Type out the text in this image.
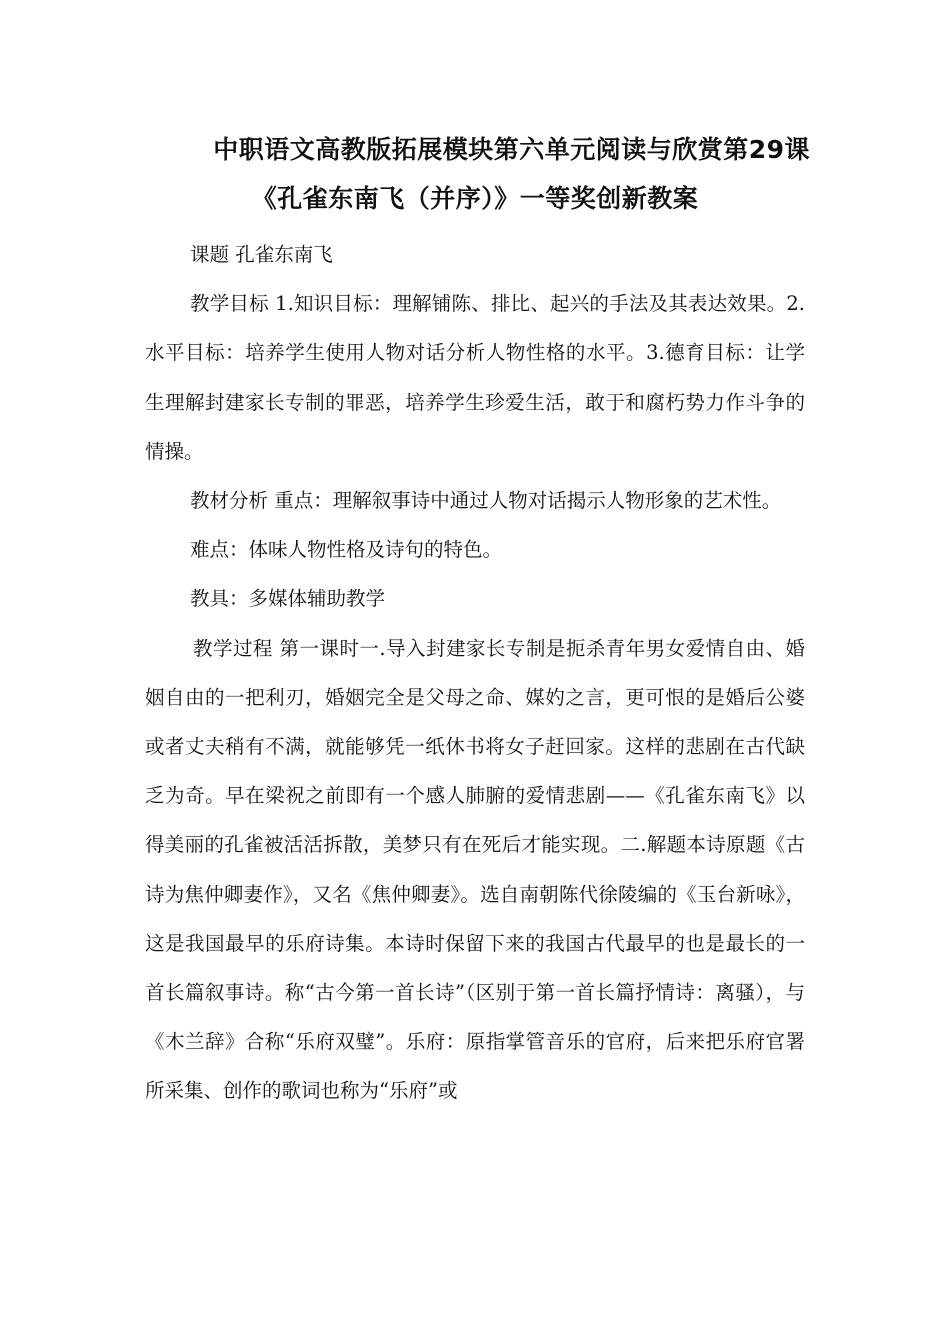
中职语文高教版拓展模块第六单元阅读与欣赏第29课
《孔雀东南飞（并序）》一等奖创新教案

课题 孔雀东南飞

教学目标 1.知识目标：理解铺陈、排比、起兴的手法及其表达效果。2.水平目标：培养学生使用人物对话分析人物性格的水平。3.德育目标：让学生理解封建家长专制的罪恶，培养学生珍爱生活，敢于和腐朽势力作斗争的情操。

教材分析 重点：理解叙事诗中通过人物对话揭示人物形象的艺术性。

难点：体味人物性格及诗句的特色。

教具：多媒体辅助教学

教学过程 第一课时一.导入封建家长专制是扼杀青年男女爱情自由、婚姻自由的一把利刃，婚姻完全是父母之命、媒妁之言，更可恨的是婚后公婆或者丈夫稍有不满，就能够凭一纸休书将女子赶回家。这样的悲剧在古代缺乏为奇。早在梁祝之前即有一个感人肺腑的爱情悲剧——《孔雀东南飞》以得美丽的孔雀被活活拆散，美梦只有在死后才能实现。二.解题本诗原题《古诗为焦仲卿妻作》，又名《焦仲卿妻》。选自南朝陈代徐陵编的《玉台新咏》，这是我国最早的乐府诗集。本诗时保留下来的我国古代最早的也是最长的一首长篇叙事诗。称“古今第一首长诗”（区别于第一首长篇抒情诗：离骚），与《木兰辞》合称“乐府双璧”。乐府：原指掌管音乐的官府，后来把乐府官署所采集、创作的歌词也称为“乐府”或
